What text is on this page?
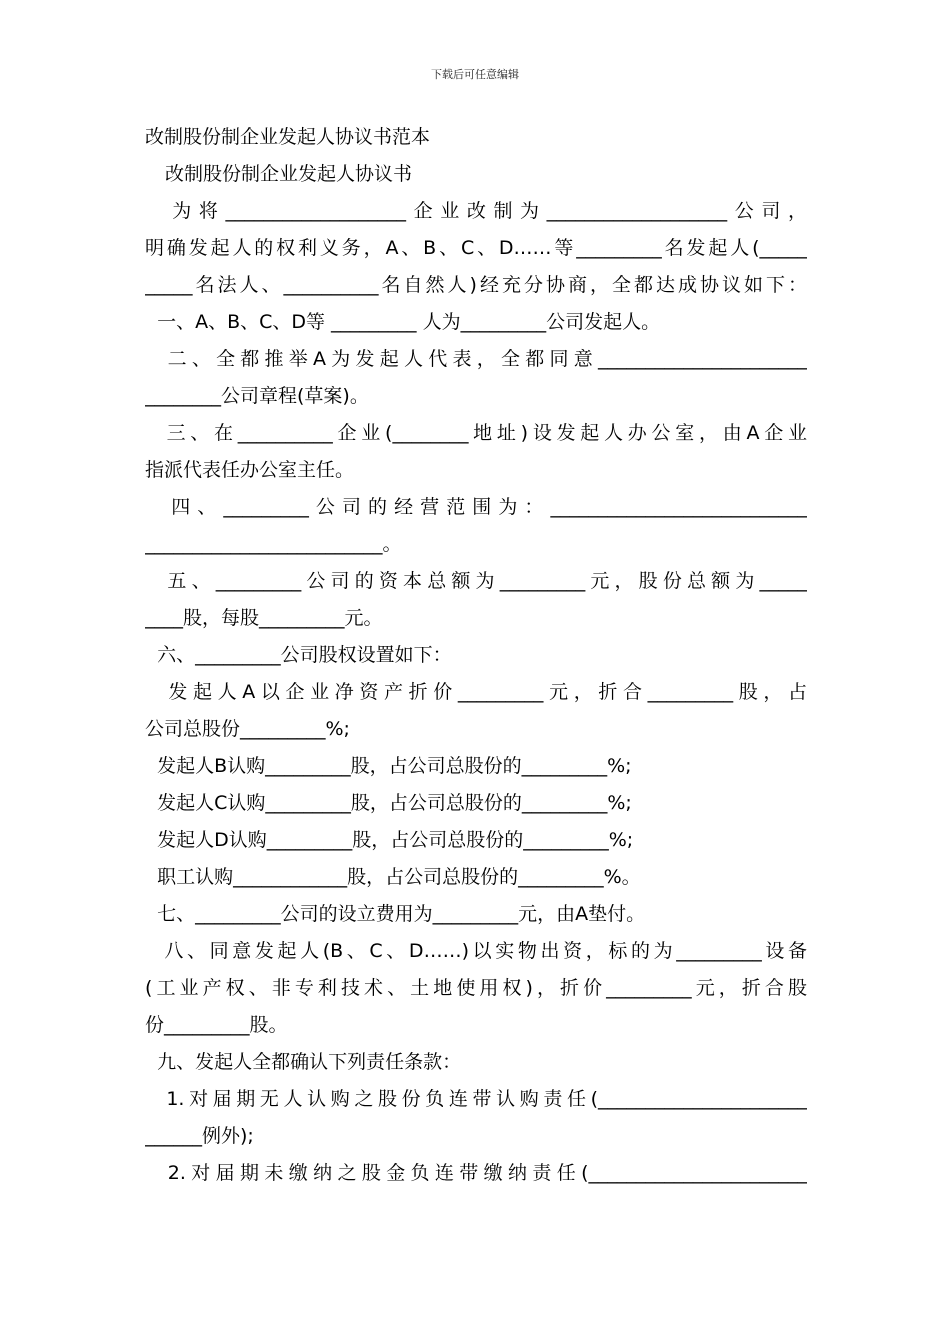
下载后可任意编辑
改制股份制企业发起人协议书范本
改制股份制企业发起人协议书
为将___________________企业改制为___________________公司，
明确发起人的权利义务，A、B、C、D……等_________名发起人(_____
_____名法人、__________名自然人)经充分协商，全都达成协议如下：
一、A、B、C、D等 _________ 人为_________公司发起人。
二、全都推举A为发起人代表，全都同意______________________
________公司章程(草案)。
三、在__________企业(________地址)设发起人办公室，由A企业
指派代表任办公室主任。
四、_________公司的经营范围为：___________________________
_________________________。
五、_________公司的资本总额为_________元，股份总额为_____
____股，每股_________元。
六、_________公司股权设置如下：
发起人A以企业净资产折价_________元，折合_________股，占
公司总股份_________%;
发起人B认购_________股，占公司总股份的_________%;
发起人C认购_________股，占公司总股份的_________%;
发起人D认购_________股，占公司总股份的_________%;
职工认购____________股，占公司总股份的_________%。
七、_________公司的设立费用为_________元，由A垫付。
八、同意发起人(B、C、D……)以实物出资，标的为_________设备
(工业产权、非专利技术、土地使用权)，折价_________元，折合股
份_________股。
九、发起人全都确认下列责任条款：
1.对届期无人认购之股份负连带认购责任(______________________
______例外);
2.对届期未缴纳之股金负连带缴纳责任(_______________________
